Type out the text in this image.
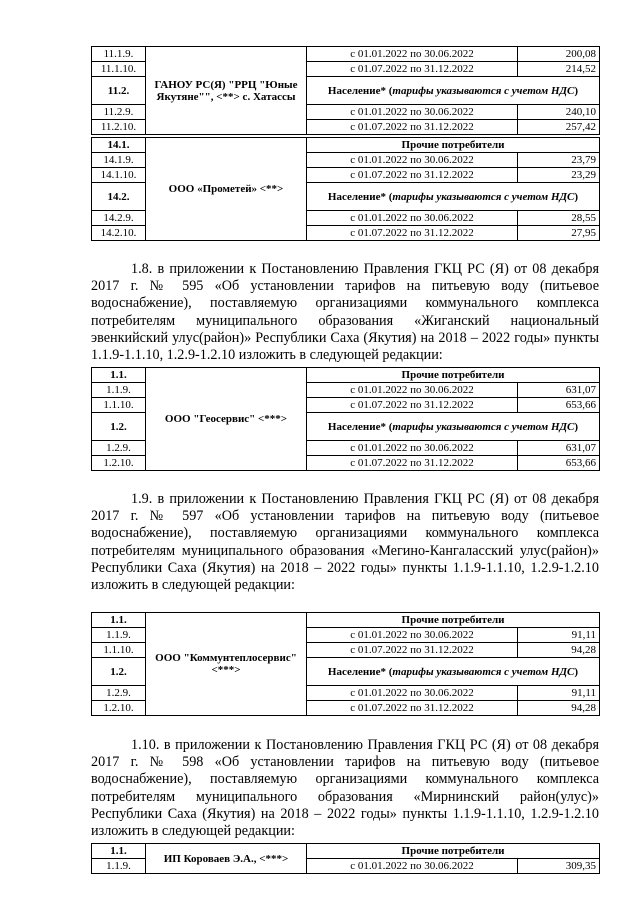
11.1.9.	ГАНОУ РС(Я) "РРЦ "Юные Якутяне"", <**> с. Хатассы	с 01.01.2022 по 30.06.2022	200,08
11.1.10.		с 01.07.2022 по 31.12.2022	214,52
11.2.		Население* (тарифы указываются с учетом НДС)	
11.2.9.		с 01.01.2022 по 30.06.2022	240,10
11.2.10.		с 01.07.2022 по 31.12.2022	257,42
14.1.	ООО «Прометей» <**>	Прочие потребители	
14.1.9.		с 01.01.2022 по 30.06.2022	23,79
14.1.10.		с 01.07.2022 по 31.12.2022	23,29
14.2.		Население* (тарифы указываются с учетом НДС)	
14.2.9.		с 01.01.2022 по 30.06.2022	28,55
14.2.10.		с 01.07.2022 по 31.12.2022	27,95
1.8. в приложении к Постановлению Правления ГКЦ РС (Я) от 08 декабря 2017 г. № 595 «Об установлении тарифов на питьевую воду (питьевое водоснабжение), поставляемую организациями коммунального комплекса потребителям муниципального образования «Жиганский национальный эвенкийский улус(район)» Республики Саха (Якутия) на 2018 – 2022 годы» пункты 1.1.9-1.1.10, 1.2.9-1.2.10 изложить в следующей редакции:
1.1.	ООО "Геосервис" <***>	Прочие потребители	
1.1.9.		с 01.01.2022 по 30.06.2022	631,07
1.1.10.		с 01.07.2022 по 31.12.2022	653,66
1.2.		Население* (тарифы указываются с учетом НДС)	
1.2.9.		с 01.01.2022 по 30.06.2022	631,07
1.2.10.		с 01.07.2022 по 31.12.2022	653,66
1.9. в приложении к Постановлению Правления ГКЦ РС (Я) от 08 декабря 2017 г. № 597 «Об установлении тарифов на питьевую воду (питьевое водоснабжение), поставляемую организациями коммунального комплекса потребителям муниципального образования «Мегино-Кангаласский улус(район)» Республики Саха (Якутия) на 2018 – 2022 годы» пункты 1.1.9-1.1.10, 1.2.9-1.2.10 изложить в следующей редакции:
1.1.	ООО "Коммунтеплосервис" <***>	Прочие потребители	
1.1.9.		с 01.01.2022 по 30.06.2022	91,11
1.1.10.		с 01.07.2022 по 31.12.2022	94,28
1.2.		Население* (тарифы указываются с учетом НДС)	
1.2.9.		с 01.01.2022 по 30.06.2022	91,11
1.2.10.		с 01.07.2022 по 31.12.2022	94,28
1.10. в приложении к Постановлению Правления ГКЦ РС (Я) от 08 декабря 2017 г. № 598 «Об установлении тарифов на питьевую воду (питьевое водоснабжение), поставляемую организациями коммунального комплекса потребителям муниципального образования «Мирнинский район(улус)» Республики Саха (Якутия) на 2018 – 2022 годы» пункты 1.1.9-1.1.10, 1.2.9-1.2.10 изложить в следующей редакции:
1.1.	ИП Короваев Э.А., <***>	Прочие потребители	
1.1.9.		с 01.01.2022 по 30.06.2022	309,35
